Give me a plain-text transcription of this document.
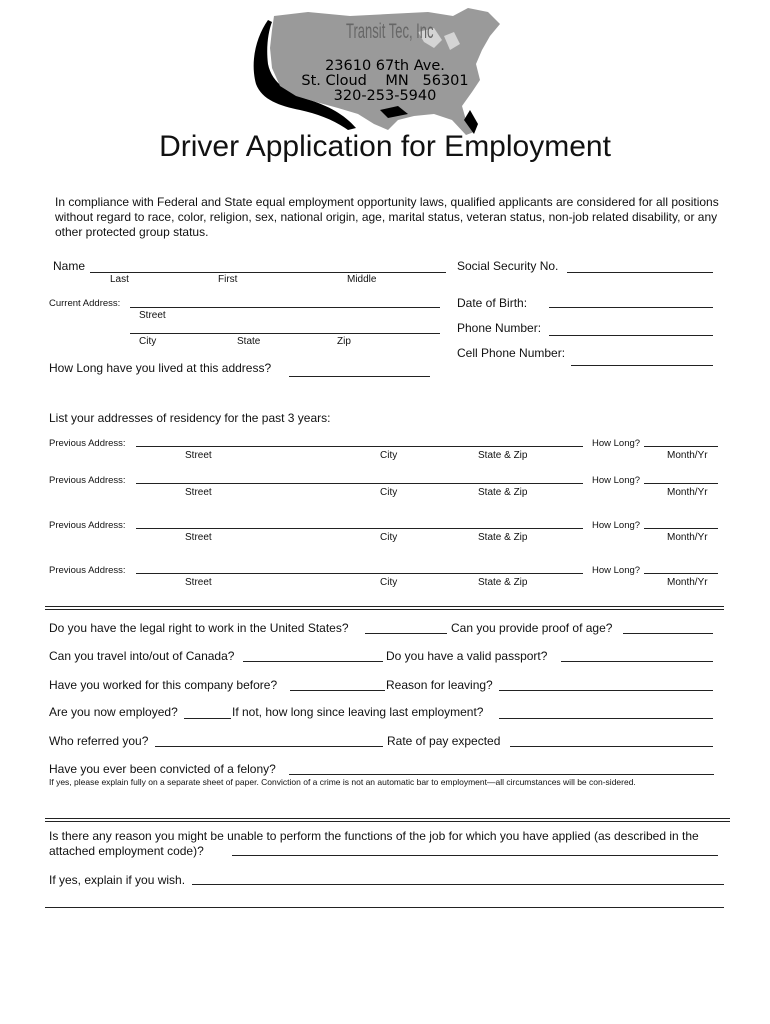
Transit Tec, Inc
23610 67th Ave.
St. Cloud    MN   56301
320-253-5940
Driver Application for Employment
In compliance with Federal and State equal employment opportunity laws, qualified applicants are considered for all positions without regard to race, color, religion, sex, national origin, age, marital status, veteran status, non-job related disability, or any other protected group status.
Name
Last	First	Middle
Social Security No.
Current Address:
Street
City	State	Zip
Date of Birth:
Phone Number:
Cell Phone Number:
How Long have you lived at this address?
List your addresses of residency for the past 3 years:
Previous Address:
Street	City	State & Zip
How Long?
Month/Yr
Previous Address:
Street	City	State & Zip
How Long?
Month/Yr
Previous Address:
Street	City	State & Zip
How Long?
Month/Yr
Previous Address:
Street	City	State & Zip
How Long?
Month/Yr
Do you have the legal right to work in the United States?	Can you provide proof of age?
Can you travel into/out of Canada?	Do you have a valid passport?
Have you worked for this company before?	Reason for leaving?
Are you now employed?	If not, how long since leaving last employment?
Who referred you?	Rate of pay expected
Have you ever been convicted of a felony?
If yes, please explain fully on a separate sheet of paper. Conviction of a crime is not an automatic bar to employment—all circumstances will be con-sidered.
Is there any reason you might be unable to perform the functions of the job for which you have applied (as described in the attached employment code)?
If yes, explain if you wish.
